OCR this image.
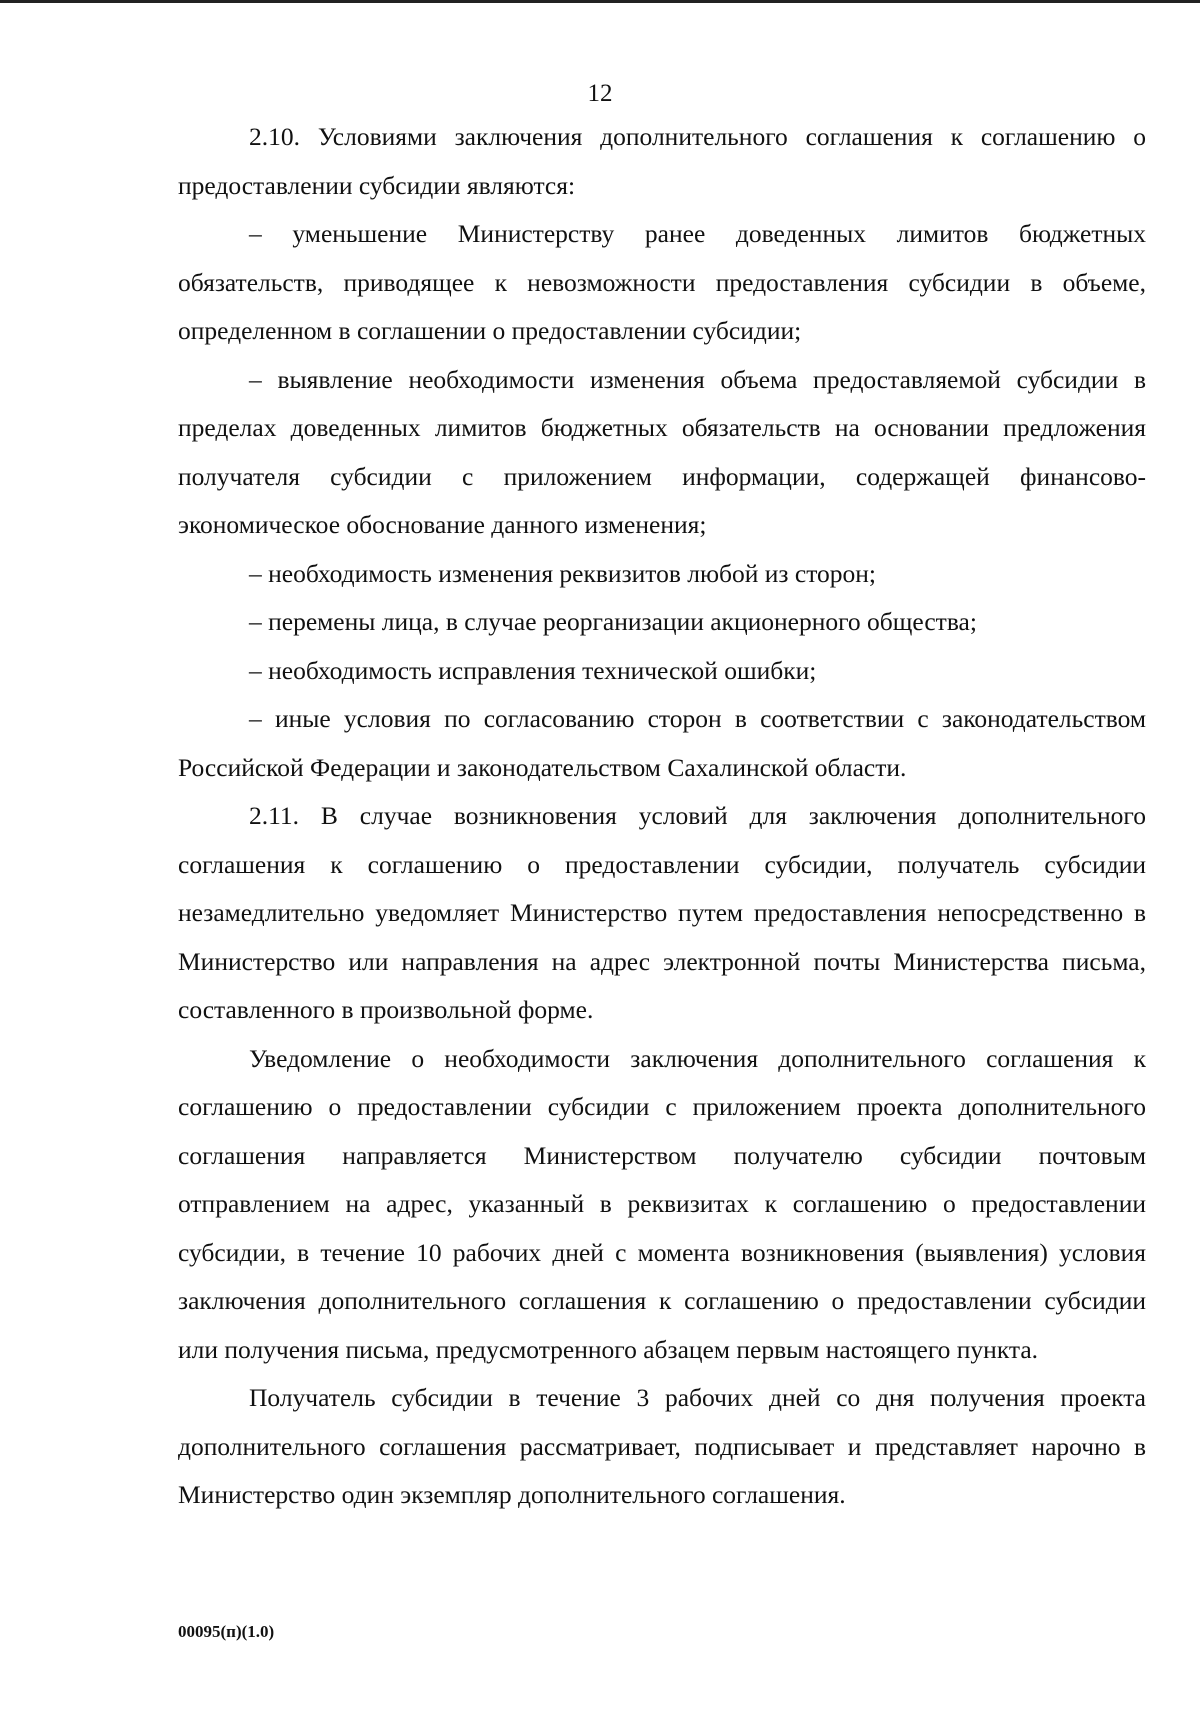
12

2.10. Условиями заключения дополнительного соглашения к соглашению о предоставлении субсидии являются:

– уменьшение Министерству ранее доведенных лимитов бюджетных обязательств, приводящее к невозможности предоставления субсидии в объеме, определенном в соглашении о предоставлении субсидии;

– выявление необходимости изменения объема предоставляемой субсидии в пределах доведенных лимитов бюджетных обязательств на основании предложения получателя субсидии с приложением информации, содержащей финансово-экономическое обоснование данного изменения;

– необходимость изменения реквизитов любой из сторон;

– перемены лица, в случае реорганизации акционерного общества;

– необходимость исправления технической ошибки;

– иные условия по согласованию сторон в соответствии с законодательством Российской Федерации и законодательством Сахалинской области.

2.11. В случае возникновения условий для заключения дополнительного соглашения к соглашению о предоставлении субсидии, получатель субсидии незамедлительно уведомляет Министерство путем предоставления непосредственно в Министерство или направления на адрес электронной почты Министерства письма, составленного в произвольной форме.

Уведомление о необходимости заключения дополнительного соглашения к соглашению о предоставлении субсидии с приложением проекта дополнительного соглашения направляется Министерством получателю субсидии почтовым отправлением на адрес, указанный в реквизитах к соглашению о предоставлении субсидии, в течение 10 рабочих дней с момента возникновения (выявления) условия заключения дополнительного соглашения к соглашению о предоставлении субсидии или получения письма, предусмотренного абзацем первым настоящего пункта.

Получатель субсидии в течение 3 рабочих дней со дня получения проекта дополнительного соглашения рассматривает, подписывает и представляет нарочно в Министерство один экземпляр дополнительного соглашения.

00095(п)(1.0)
